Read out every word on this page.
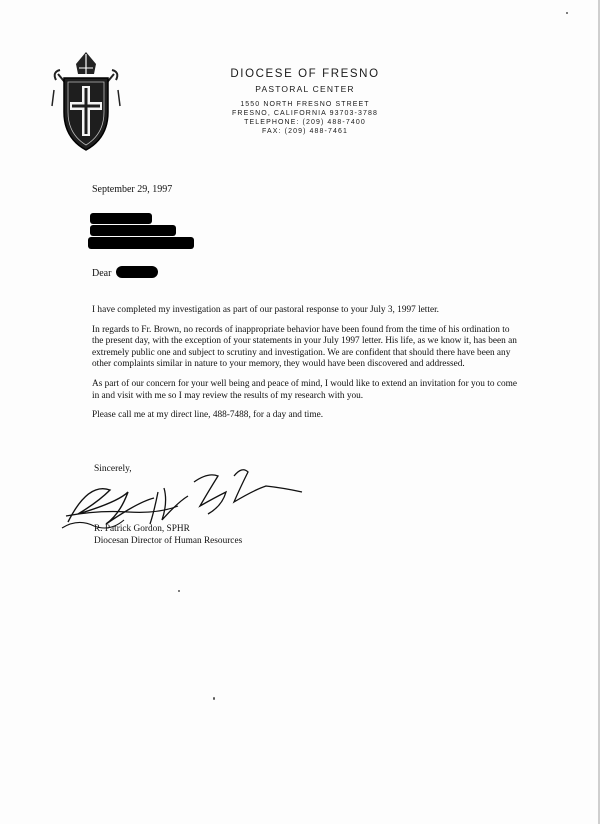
DIOCESE OF FRESNO
PASTORAL CENTER
1550 NORTH FRESNO STREET
FRESNO, CALIFORNIA 93703-3788
TELEPHONE: (209) 488-7400
FAX: (209) 488-7461
September 29, 1997
Dear

I have completed my investigation as part of our pastoral response to your July 3, 1997 letter.

In regards to Fr. Brown, no records of inappropriate behavior have been found from the time of his ordination to the present day, with the exception of your statements in your July 1997 letter. His life, as we know it, has been an extremely public one and subject to scrutiny and investigation. We are confident that should there have been any other complaints similar in nature to your memory, they would have been discovered and addressed.

As part of our concern for your well being and peace of mind, I would like to extend an invitation for you to come in and visit with me so I may review the results of my research with you.

Please call me at my direct line, 488-7488, for a day and time.

Sincerely,
R. Patrick Gordon, SPHR
Diocesan Director of Human Resources
